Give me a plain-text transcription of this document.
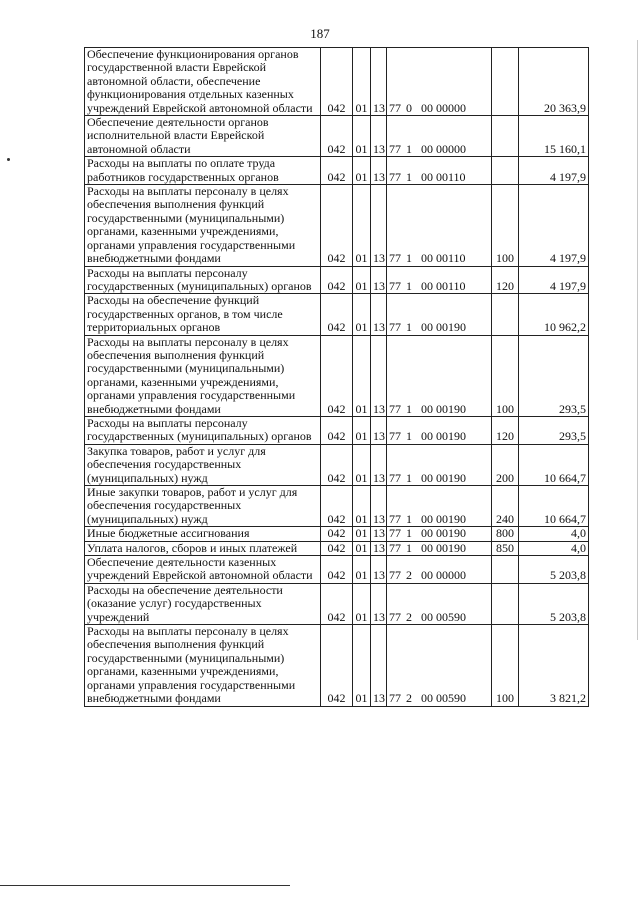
187
Обеспечение функционирования органов государственной власти Еврейской автономной области, обеспечение функционирования отдельных казенных учреждений Еврейской автономной области	042	01	13	77 0 00 00000		20 363,9
Обеспечение деятельности органов исполнительной власти Еврейской автономной области	042	01	13	77 1 00 00000		15 160,1
Расходы на выплаты по оплате труда работников государственных органов	042	01	13	77 1 00 00110		4 197,9
Расходы на выплаты персоналу в целях обеспечения выполнения функций государственными (муниципальными) органами, казенными учреждениями, органами управления государственными внебюджетными фондами	042	01	13	77 1 00 00110	100	4 197,9
Расходы на выплаты персоналу государственных (муниципальных) органов	042	01	13	77 1 00 00110	120	4 197,9
Расходы на обеспечение функций государственных органов, в том числе территориальных органов	042	01	13	77 1 00 00190		10 962,2
Расходы на выплаты персоналу в целях обеспечения выполнения функций государственными (муниципальными) органами, казенными учреждениями, органами управления государственными внебюджетными фондами	042	01	13	77 1 00 00190	100	293,5
Расходы на выплаты персоналу государственных (муниципальных) органов	042	01	13	77 1 00 00190	120	293,5
Закупка товаров, работ и услуг для обеспечения государственных (муниципальных) нужд	042	01	13	77 1 00 00190	200	10 664,7
Иные закупки товаров, работ и услуг для обеспечения государственных (муниципальных) нужд	042	01	13	77 1 00 00190	240	10 664,7
Иные бюджетные ассигнования	042	01	13	77 1 00 00190	800	4,0
Уплата налогов, сборов и иных платежей	042	01	13	77 1 00 00190	850	4,0
Обеспечение деятельности казенных учреждений Еврейской автономной области	042	01	13	77 2 00 00000		5 203,8
Расходы на обеспечение деятельности (оказание услуг) государственных учреждений	042	01	13	77 2 00 00590		5 203,8
Расходы на выплаты персоналу в целях обеспечения выполнения функций государственными (муниципальными) органами, казенными учреждениями, органами управления государственными внебюджетными фондами	042	01	13	77 2 00 00590	100	3 821,2
